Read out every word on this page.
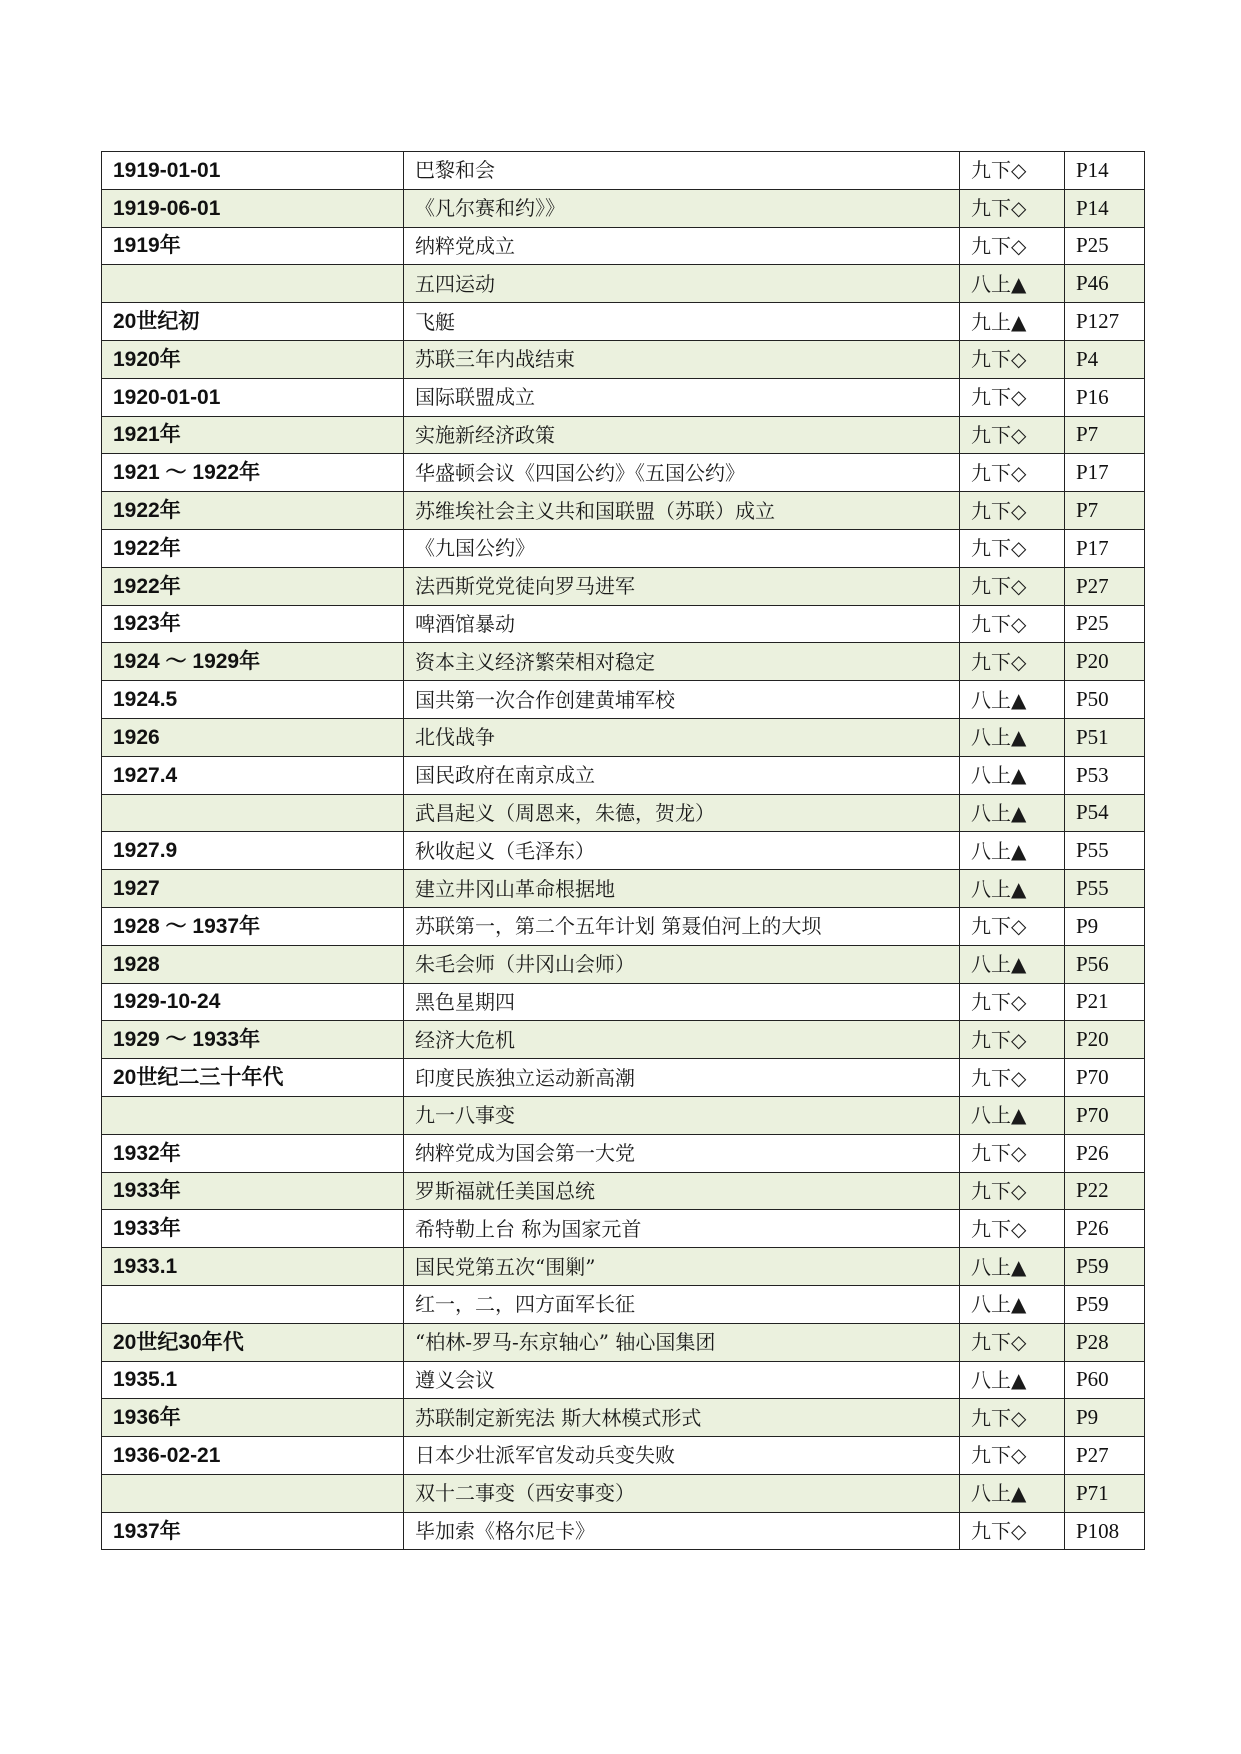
1919-01-01	巴黎和会	九下◇	P14
1919-06-01	《凡尔赛和约》》	九下◇	P14
1919年	纳粹党成立	九下◇	P25
	五四运动	八上▲	P46
20世纪初	飞艇	九上▲	P127
1920年	苏联三年内战结束	九下◇	P4
1920-01-01	国际联盟成立	九下◇	P16
1921年	实施新经济政策	九下◇	P7
1921 ～ 1922年	华盛顿会议《四国公约》《五国公约》	九下◇	P17
1922年	苏维埃社会主义共和国联盟（苏联）成立	九下◇	P7
1922年	《九国公约》	九下◇	P17
1922年	法西斯党党徒向罗马进军	九下◇	P27
1923年	啤酒馆暴动	九下◇	P25
1924 ～ 1929年	资本主义经济繁荣相对稳定	九下◇	P20
1924.5	国共第一次合作创建黄埔军校	八上▲	P50
1926	北伐战争	八上▲	P51
1927.4	国民政府在南京成立	八上▲	P53
	武昌起义（周恩来，朱德，贺龙）	八上▲	P54
1927.9	秋收起义（毛泽东）	八上▲	P55
1927	建立井冈山革命根据地	八上▲	P55
1928 ～ 1937年	苏联第一，第二个五年计划 第聂伯河上的大坝	九下◇	P9
1928	朱毛会师（井冈山会师）	八上▲	P56
1929-10-24	黑色星期四	九下◇	P21
1929 ～ 1933年	经济大危机	九下◇	P20
20世纪二三十年代	印度民族独立运动新高潮	九下◇	P70
	九一八事变	八上▲	P70
1932年	纳粹党成为国会第一大党	九下◇	P26
1933年	罗斯福就任美国总统	九下◇	P22
1933年	希特勒上台 称为国家元首	九下◇	P26
1933.1	国民党第五次“围剿”	八上▲	P59
	红一，二，四方面军长征	八上▲	P59
20世纪30年代	“柏林-罗马-东京轴心” 轴心国集团	九下◇	P28
1935.1	遵义会议	八上▲	P60
1936年	苏联制定新宪法 斯大林模式形式	九下◇	P9
1936-02-21	日本少壮派军官发动兵变失败	九下◇	P27
	双十二事变（西安事变）	八上▲	P71
1937年	毕加索《格尔尼卡》	九下◇	P108
